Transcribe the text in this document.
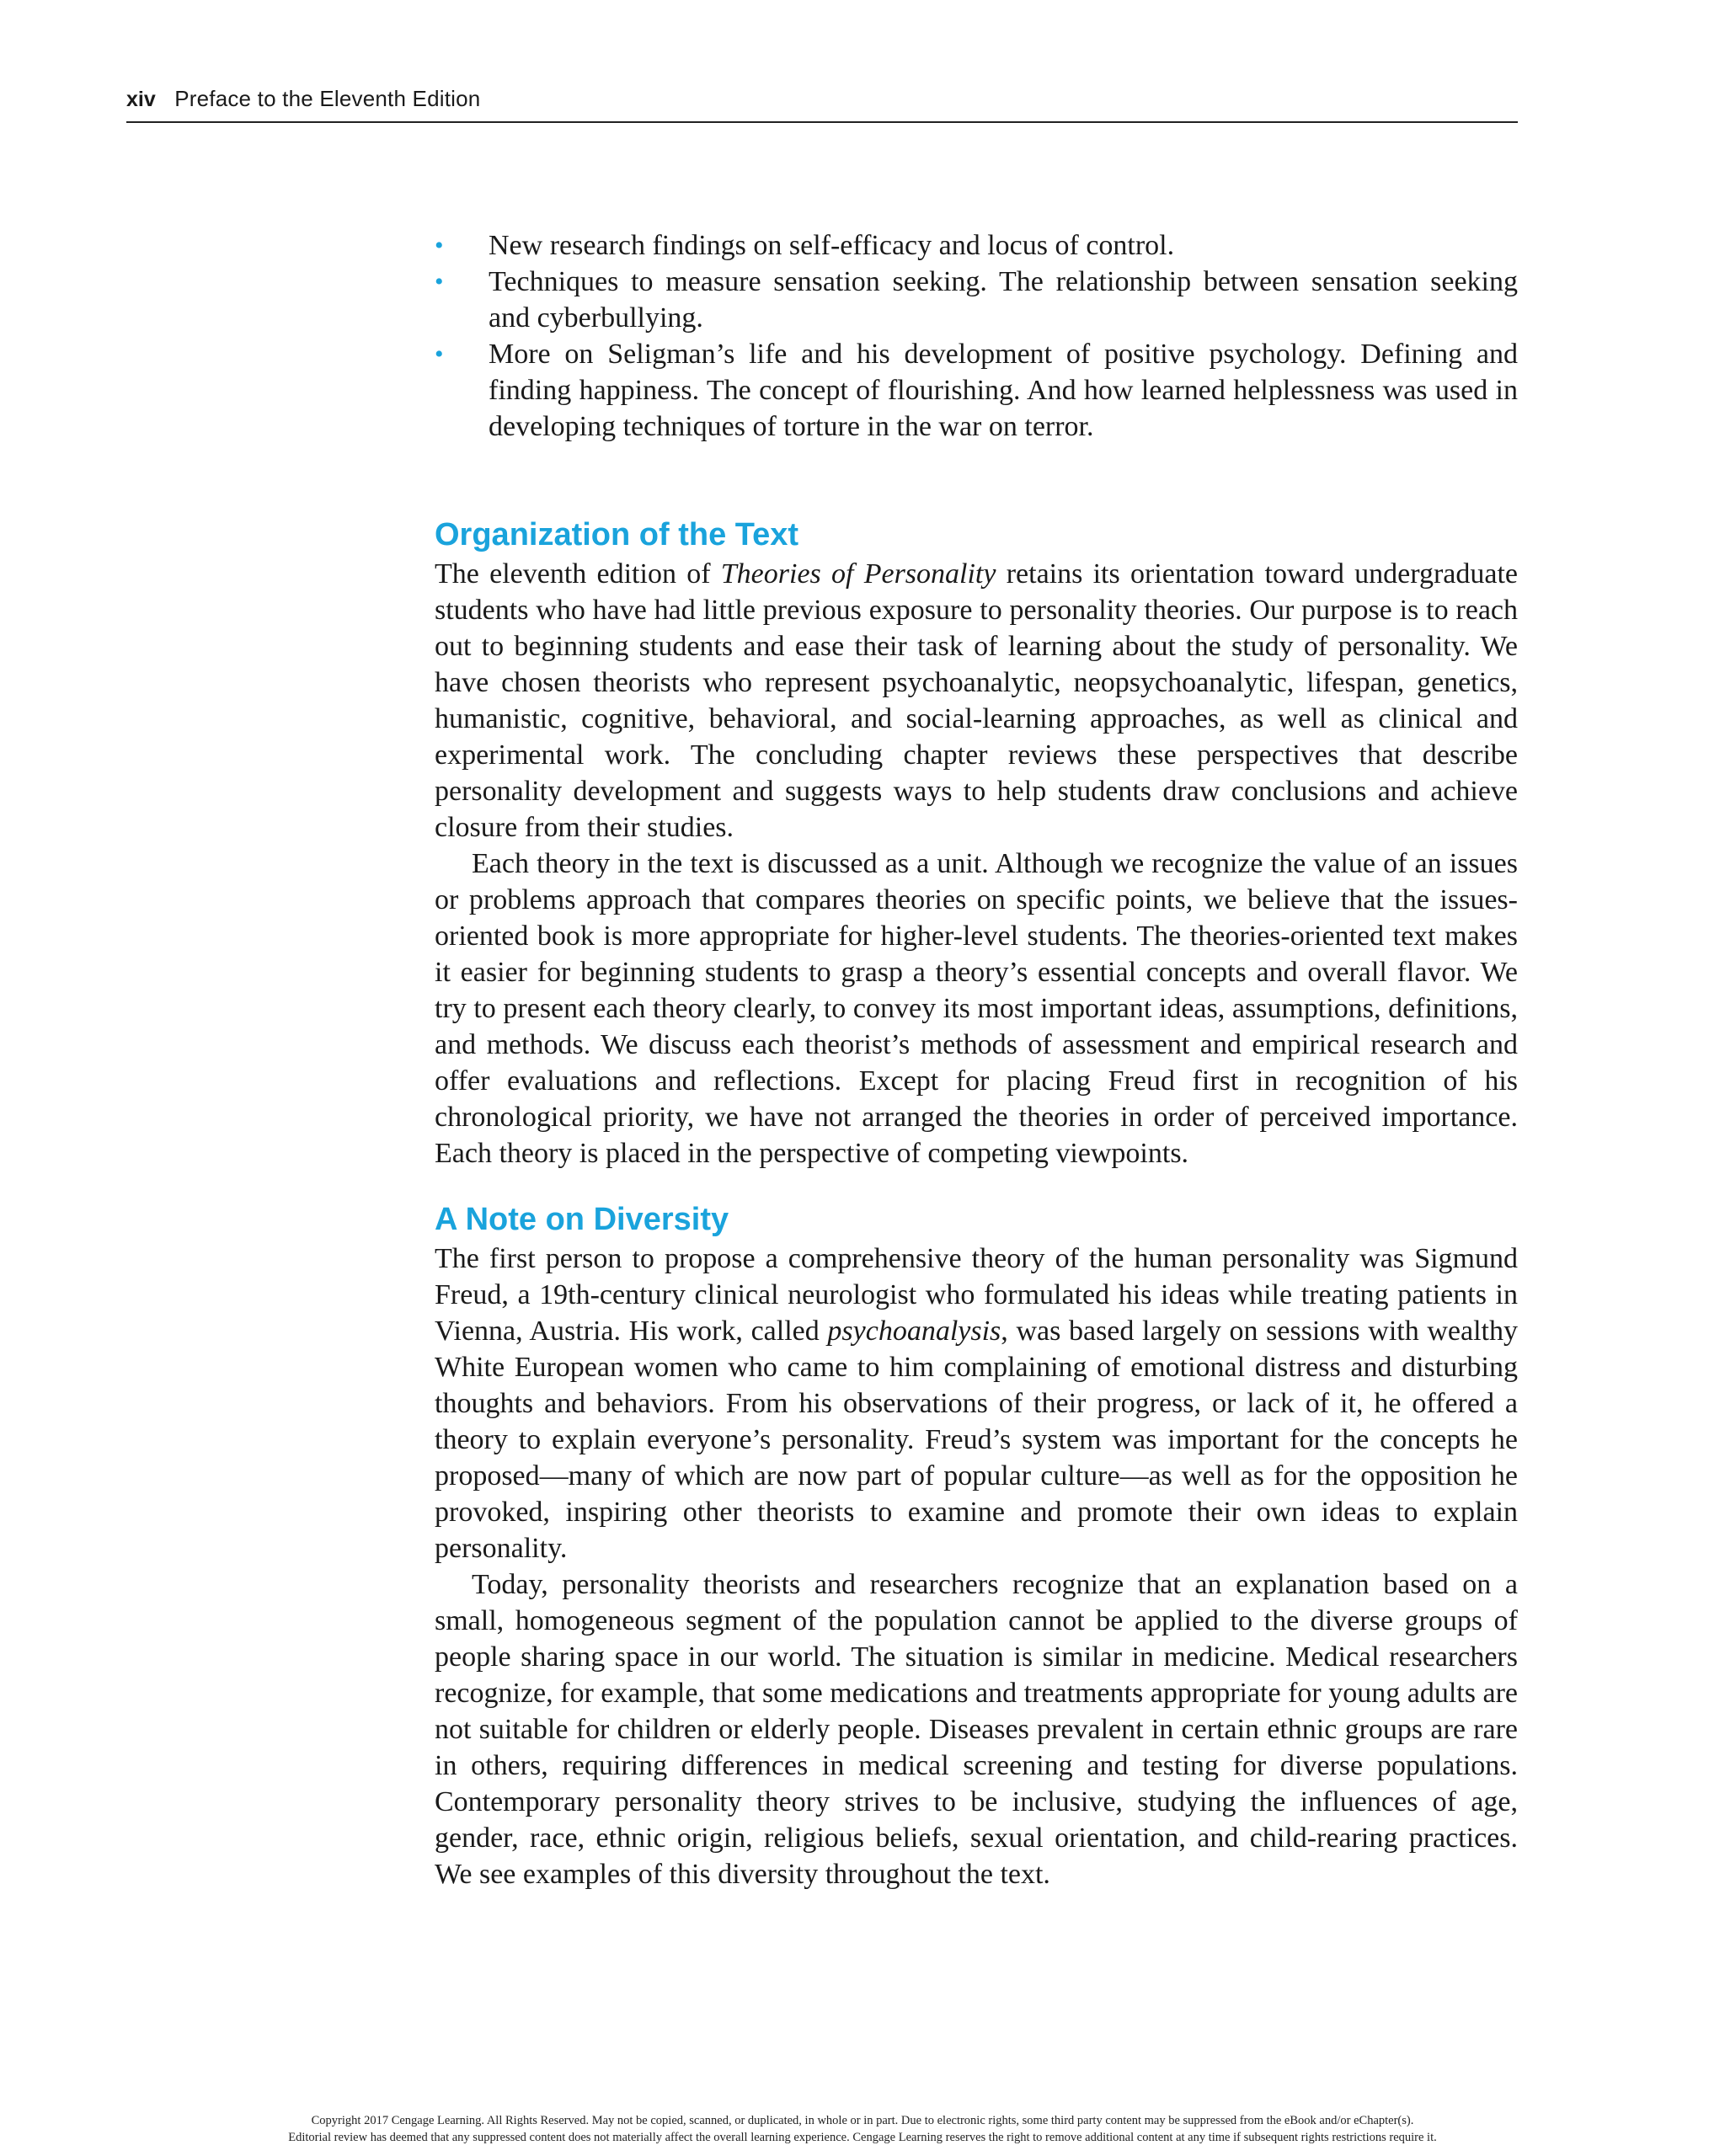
xiv Preface to the Eleventh Edition
• New research findings on self-efficacy and locus of control.
• Techniques to measure sensation seeking. The relationship between sensation seeking and cyberbullying.
• More on Seligman’s life and his development of positive psychology. Defining and finding happiness. The concept of flourishing. And how learned helplessness was used in developing techniques of torture in the war on terror.
Organization of the Text

The eleventh edition of Theories of Personality retains its orientation toward undergraduate students who have had little previous exposure to personality theories. Our purpose is to reach out to beginning students and ease their task of learning about the study of personality. We have chosen theorists who represent psychoanalytic, neopsychoanalytic, lifespan, genetics, humanistic, cognitive, behavioral, and social-learning approaches, as well as clinical and experimental work. The concluding chapter reviews these perspectives that describe personality development and suggests ways to help students draw conclusions and achieve closure from their studies.

Each theory in the text is discussed as a unit. Although we recognize the value of an issues or problems approach that compares theories on specific points, we believe that the issues-oriented book is more appropriate for higher-level students. The theories-oriented text makes it easier for beginning students to grasp a theory’s essential concepts and overall flavor. We try to present each theory clearly, to convey its most important ideas, assumptions, definitions, and methods. We discuss each theorist’s methods of assessment and empirical research and offer evaluations and reflections. Except for placing Freud first in recognition of his chronological priority, we have not arranged the theories in order of perceived importance. Each theory is placed in the perspective of competing viewpoints.

A Note on Diversity

The first person to propose a comprehensive theory of the human personality was Sigmund Freud, a 19th-century clinical neurologist who formulated his ideas while treating patients in Vienna, Austria. His work, called psychoanalysis, was based largely on sessions with wealthy White European women who came to him complaining of emotional distress and disturbing thoughts and behaviors. From his observations of their progress, or lack of it, he offered a theory to explain everyone’s personality. Freud’s system was important for the concepts he proposed—many of which are now part of popular culture—as well as for the opposition he provoked, inspiring other theorists to examine and promote their own ideas to explain personality.

Today, personality theorists and researchers recognize that an explanation based on a small, homogeneous segment of the population cannot be applied to the diverse groups of people sharing space in our world. The situation is similar in medicine. Medical researchers recognize, for example, that some medications and treatments appropriate for young adults are not suitable for children or elderly people. Diseases prevalent in certain ethnic groups are rare in others, requiring differences in medical screening and testing for diverse populations. Contemporary personality theory strives to be inclusive, studying the influences of age, gender, race, ethnic origin, religious beliefs, sexual orientation, and child-rearing practices. We see examples of this diversity throughout the text.

Copyright 2017 Cengage Learning. All Rights Reserved. May not be copied, scanned, or duplicated, in whole or in part. Due to electronic rights, some third party content may be suppressed from the eBook and/or eChapter(s).
Editorial review has deemed that any suppressed content does not materially affect the overall learning experience. Cengage Learning reserves the right to remove additional content at any time if subsequent rights restrictions require it.
